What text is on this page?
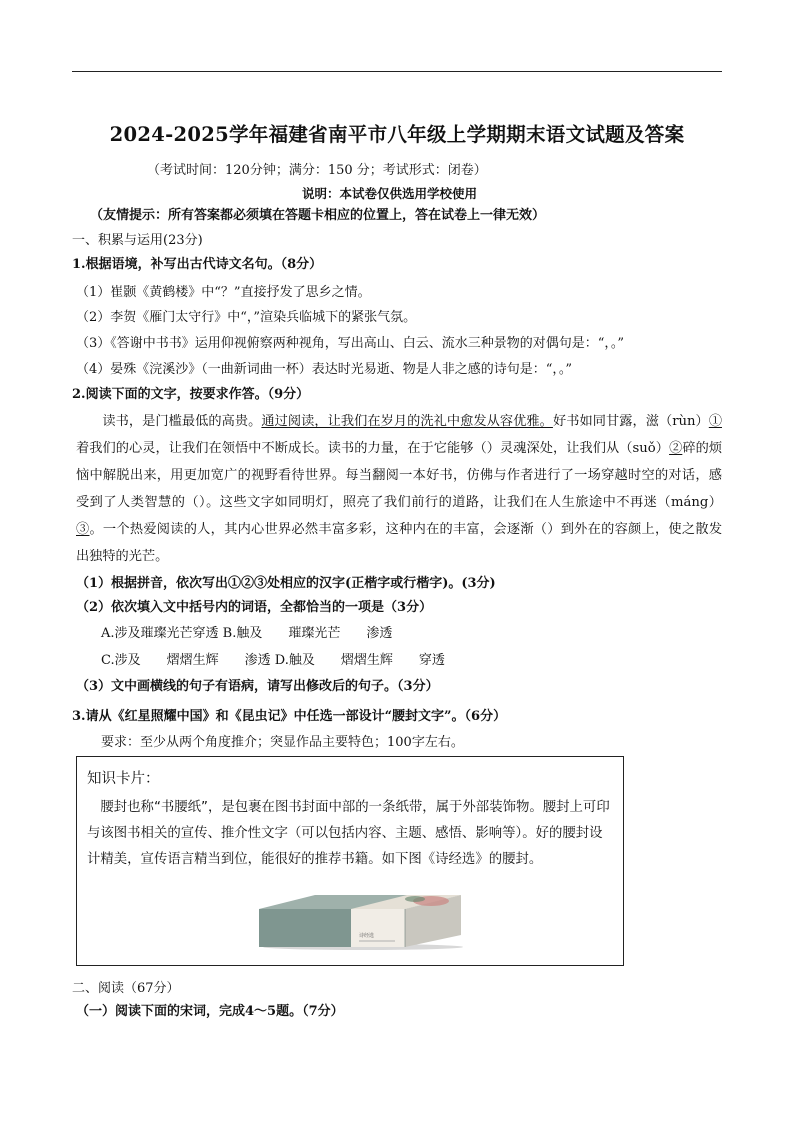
2024-2025学年福建省南平市八年级上学期期末语文试题及答案
（考试时间：120分钟；满分：150 分；考试形式：闭卷）
说明：本试卷仅供选用学校使用
（友情提示：所有答案都必须填在答题卡相应的位置上，答在试卷上一律无效）
一、积累与运用(23分)
1.根据语境，补写出古代诗文名句。（8分）
（1）崔颢《黄鹤楼》中“？”直接抒发了思乡之情。
（2）李贺《雁门太守行》中“，”渲染兵临城下的紧张气氛。
（3）《答谢中书书》运用仰视俯察两种视角，写出高山、白云、流水三种景物的对偶句是：“，。”
（4）晏殊《浣溪沙》（一曲新词曲一杯）表达时光易逝、物是人非之感的诗句是：“，。”
2.阅读下面的文字，按要求作答。（9分）
读书，是门槛最低的高贵。通过阅读，让我们在岁月的洗礼中愈发从容优雅。好书如同甘露，滋（rùn）①着我们的心灵，让我们在领悟中不断成长。读书的力量，在于它能够（）灵魂深处，让我们从（suǒ）②碎的烦恼中解脱出来，用更加宽广的视野看待世界。每当翻阅一本好书，仿佛与作者进行了一场穿越时空的对话，感受到了人类智慧的（）。这些文字如同明灯，照亮了我们前行的道路，让我们在人生旅途中不再迷（máng）③。一个热爱阅读的人，其内心世界必然丰富多彩，这种内在的丰富，会逐渐（）到外在的容颜上，使之散发出独特的光芒。
（1）根据拼音，依次写出①②③处相应的汉字(正楷字或行楷字)。(3分)
（2）依次填入文中括号内的词语，全都恰当的一项是（3分）
A.涉及璀璨光芒穿透 B.触及　　璀璨光芒　　渗透
C.涉及　　熠熠生辉　　渗透 D.触及　　熠熠生辉　　穿透
（3）文中画横线的句子有语病，请写出修改后的句子。（3分）
3.请从《红星照耀中国》和《昆虫记》中任选一部设计“腰封文字”。（6分）
要求：至少从两个角度推介；突显作品主要特色；100字左右。
知识卡片：
腰封也称“书腰纸”，是包裹在图书封面中部的一条纸带，属于外部装饰物。腰封上可印与该图书相关的宣传、推介性文字（可以包括内容、主题、感悟、影响等）。好的腰封设计精美，宣传语言精当到位，能很好的推荐书籍。如下图《诗经选》的腰封。
诗经选
二、阅读（67分）
（一）阅读下面的宋词，完成4～5题。（7分）
